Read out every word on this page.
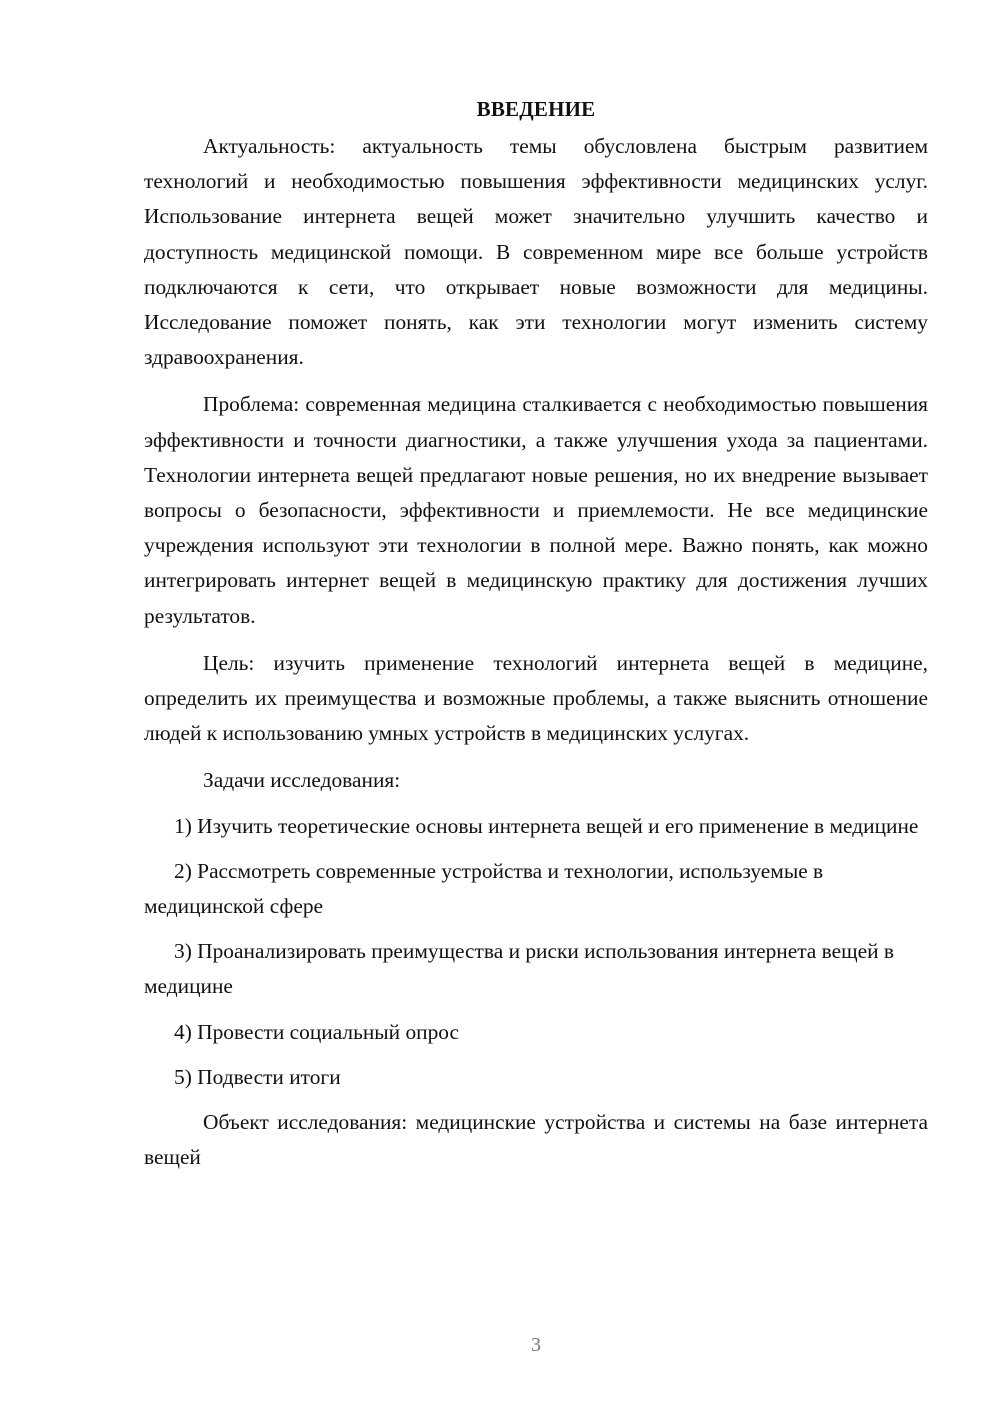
ВВЕДЕНИЕ

Актуальность: актуальность темы обусловлена быстрым развитием технологий и необходимостью повышения эффективности медицинских услуг. Использование интернета вещей может значительно улучшить качество и доступность медицинской помощи. В современном мире все больше устройств подключаются к сети, что открывает новые возможности для медицины. Исследование поможет понять, как эти технологии могут изменить систему здравоохранения.

Проблема: современная медицина сталкивается с необходимостью повышения эффективности и точности диагностики, а также улучшения ухода за пациентами. Технологии интернета вещей предлагают новые решения, но их внедрение вызывает вопросы о безопасности, эффективности и приемлемости. Не все медицинские учреждения используют эти технологии в полной мере. Важно понять, как можно интегрировать интернет вещей в медицинскую практику для достижения лучших результатов.

Цель: изучить применение технологий интернета вещей в медицине, определить их преимущества и возможные проблемы, а также выяснить отношение людей к использованию умных устройств в медицинских услугах.

Задачи исследования:

1) Изучить теоретические основы интернета вещей и его применение в медицине

2) Рассмотреть современные устройства и технологии, используемые в медицинской сфере

3) Проанализировать преимущества и риски использования интернета вещей в медицине

4) Провести социальный опрос

5) Подвести итоги

Объект исследования: медицинские устройства и системы на базе интернета вещей

3
